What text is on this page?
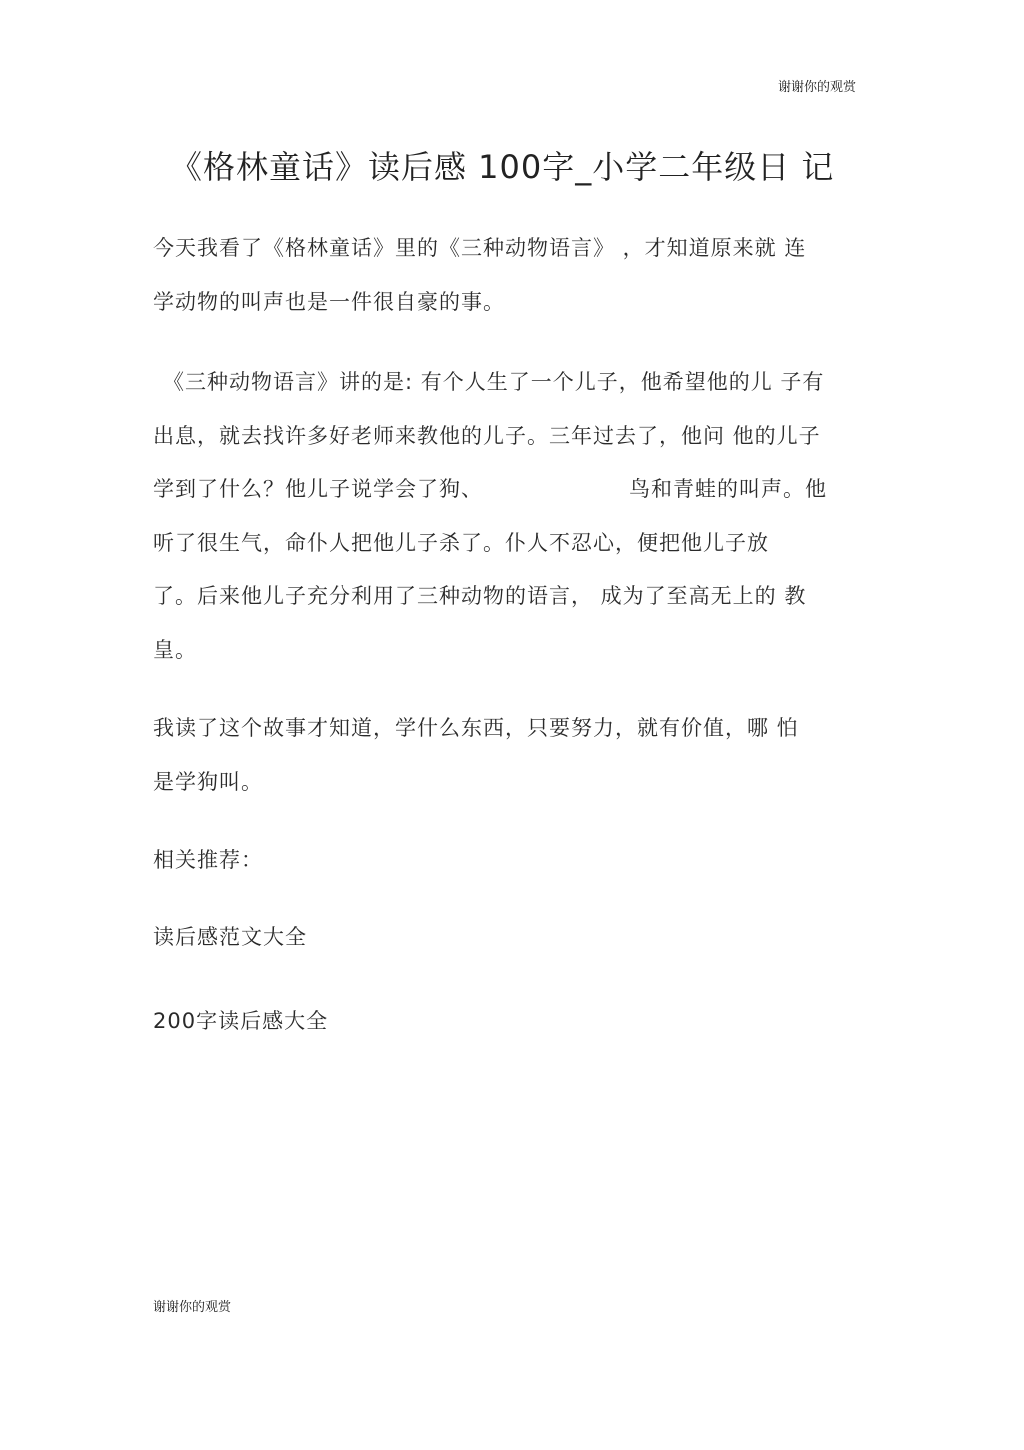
谢谢你的观赏
《格林童话》读后感 100字_小学二年级日 记
今天我看了《格林童话》里的《三种动物语言》 ，才知道原来就 连
学动物的叫声也是一件很自豪的事。
《三种动物语言》讲的是: 有个人生了一个儿子，他希望他的儿 子有
出息，就去找许多好老师来教他的儿子。三年过去了，他问 他的儿子
学到了什么？他儿子说学会了狗、	鸟和青蛙的叫声。他
听了很生气，命仆人把他儿子杀了。仆人不忍心，便把他儿子放
了。后来他儿子充分利用了三种动物的语言， 成为了至高无上的 教
皇。
我读了这个故事才知道，学什么东西，只要努力，就有价值，哪 怕
是学狗叫。
相关推荐：
读后感范文大全
200字读后感大全
谢谢你的观赏
